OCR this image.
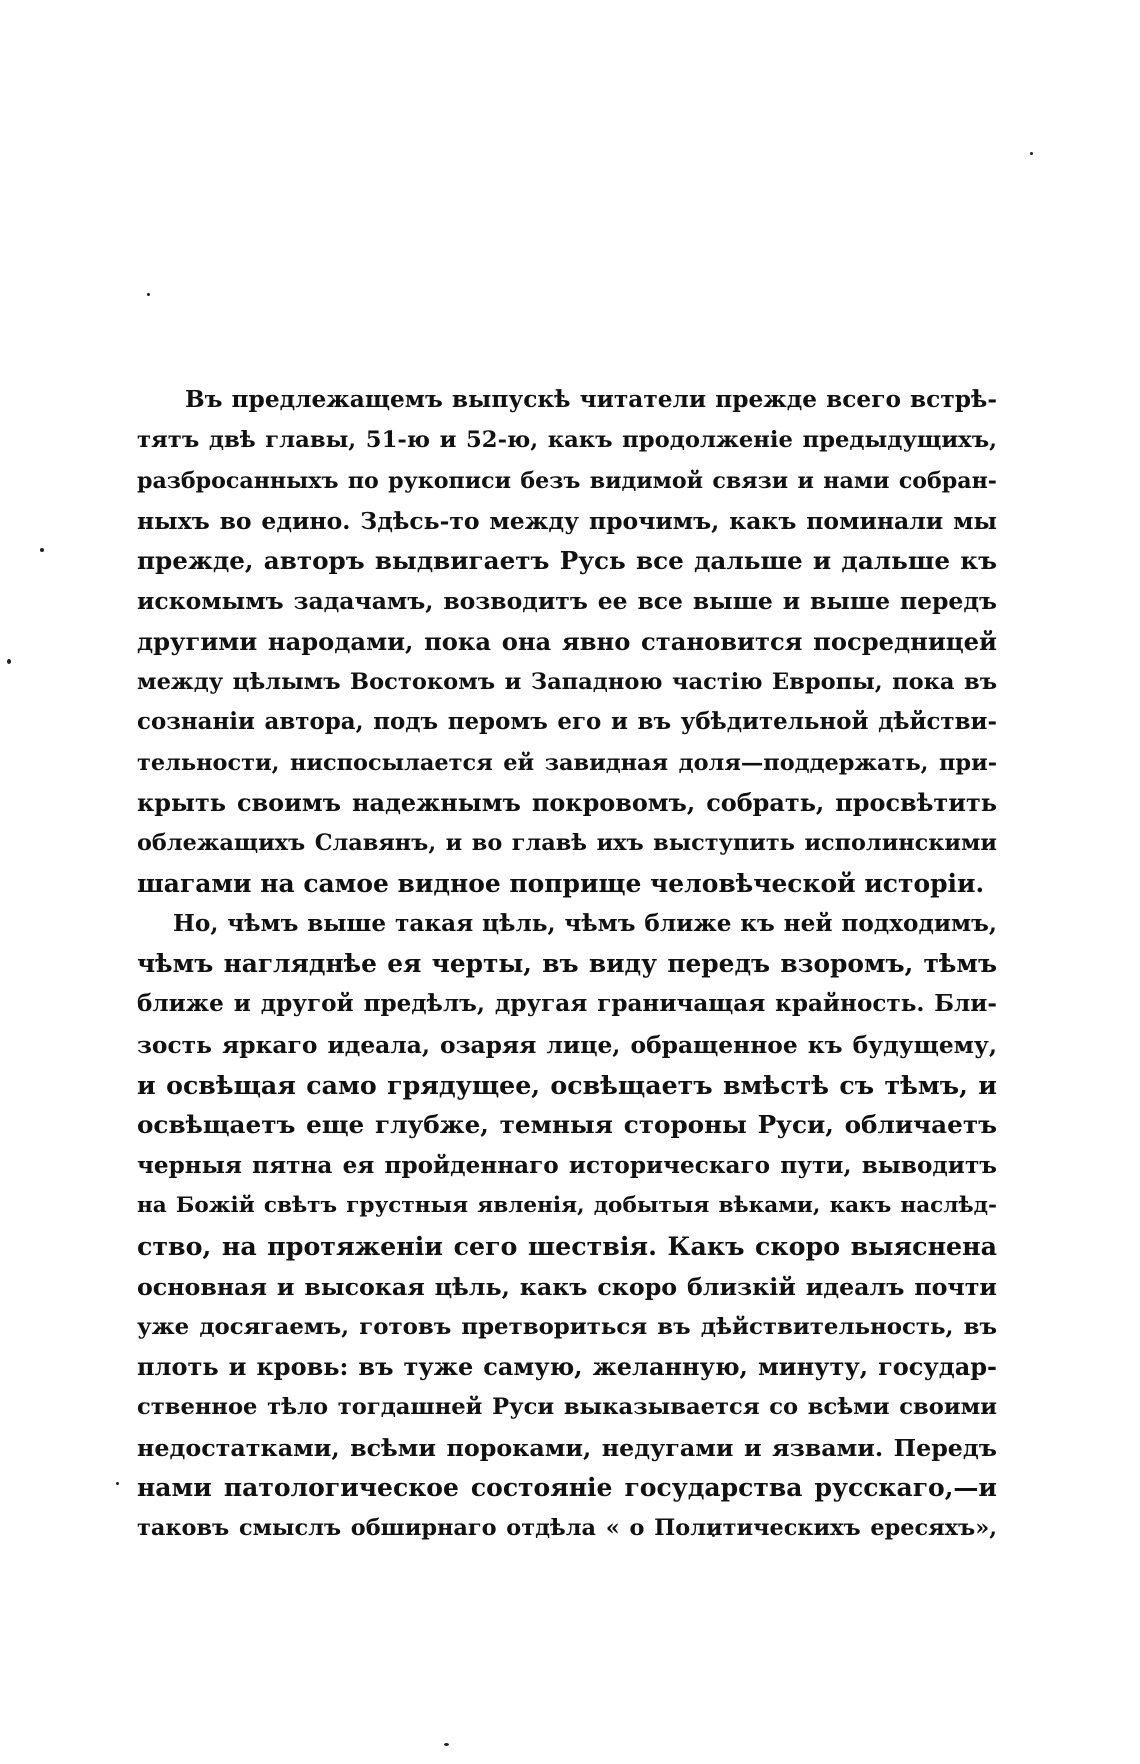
Въ предлежащемъ выпускѣ читатели прежде всего встрѣ-
тятъ двѣ главы, 51-ю и 52-ю, какъ продолженіе предыдущихъ,
разбросанныхъ по рукописи безъ видимой связи и нами собран-
ныхъ во едино. Здѣсь-то между прочимъ, какъ поминали мы
прежде, авторъ выдвигаетъ Русь все дальше и дальше къ
искомымъ задачамъ, возводитъ ее все выше и выше передъ
другими народами, пока она явно становится посредницей
между цѣлымъ Востокомъ и Западною частію Европы, пока въ
сознаніи автора, подъ перомъ его и въ убѣдительной дѣйстви-
тельности, ниспосылается ей завидная доля—поддержать, при-
крыть своимъ надежнымъ покровомъ, собрать, просвѣтить
облежащихъ Славянъ, и во главѣ ихъ выступить исполинскими
шагами на самое видное поприще человѣческой исторіи.
Но, чѣмъ выше такая цѣль, чѣмъ ближе къ ней подходимъ,
чѣмъ нагляднѣе ея черты, въ виду передъ взоромъ, тѣмъ
ближе и другой предѣлъ, другая граничащая крайность. Бли-
зость яркаго идеала, озаряя лице, обращенное къ будущему,
и освѣщая само грядущее, освѣщаетъ вмѣстѣ съ тѣмъ, и
освѣщаетъ еще глубже, темныя стороны Руси, обличаетъ
черныя пятна ея пройденнаго историческаго пути, выводитъ
на Божій свѣтъ грустныя явленія, добытыя вѣками, какъ наслѣд-
ство, на протяженіи сего шествія. Какъ скоро выяснена
основная и высокая цѣль, какъ скоро близкій идеалъ почти
уже досягаемъ, готовъ претвориться въ дѣйствительность, въ
плоть и кровь: въ туже самую, желанную, минуту, государ-
ственное тѣло тогдашней Руси выказывается со всѣми своими
недостатками, всѣми пороками, недугами и язвами. Передъ
нами патологическое состояніе государства русскаго,—и
таковъ смыслъ обширнаго отдѣла « о Политическихъ ересяхъ»,
